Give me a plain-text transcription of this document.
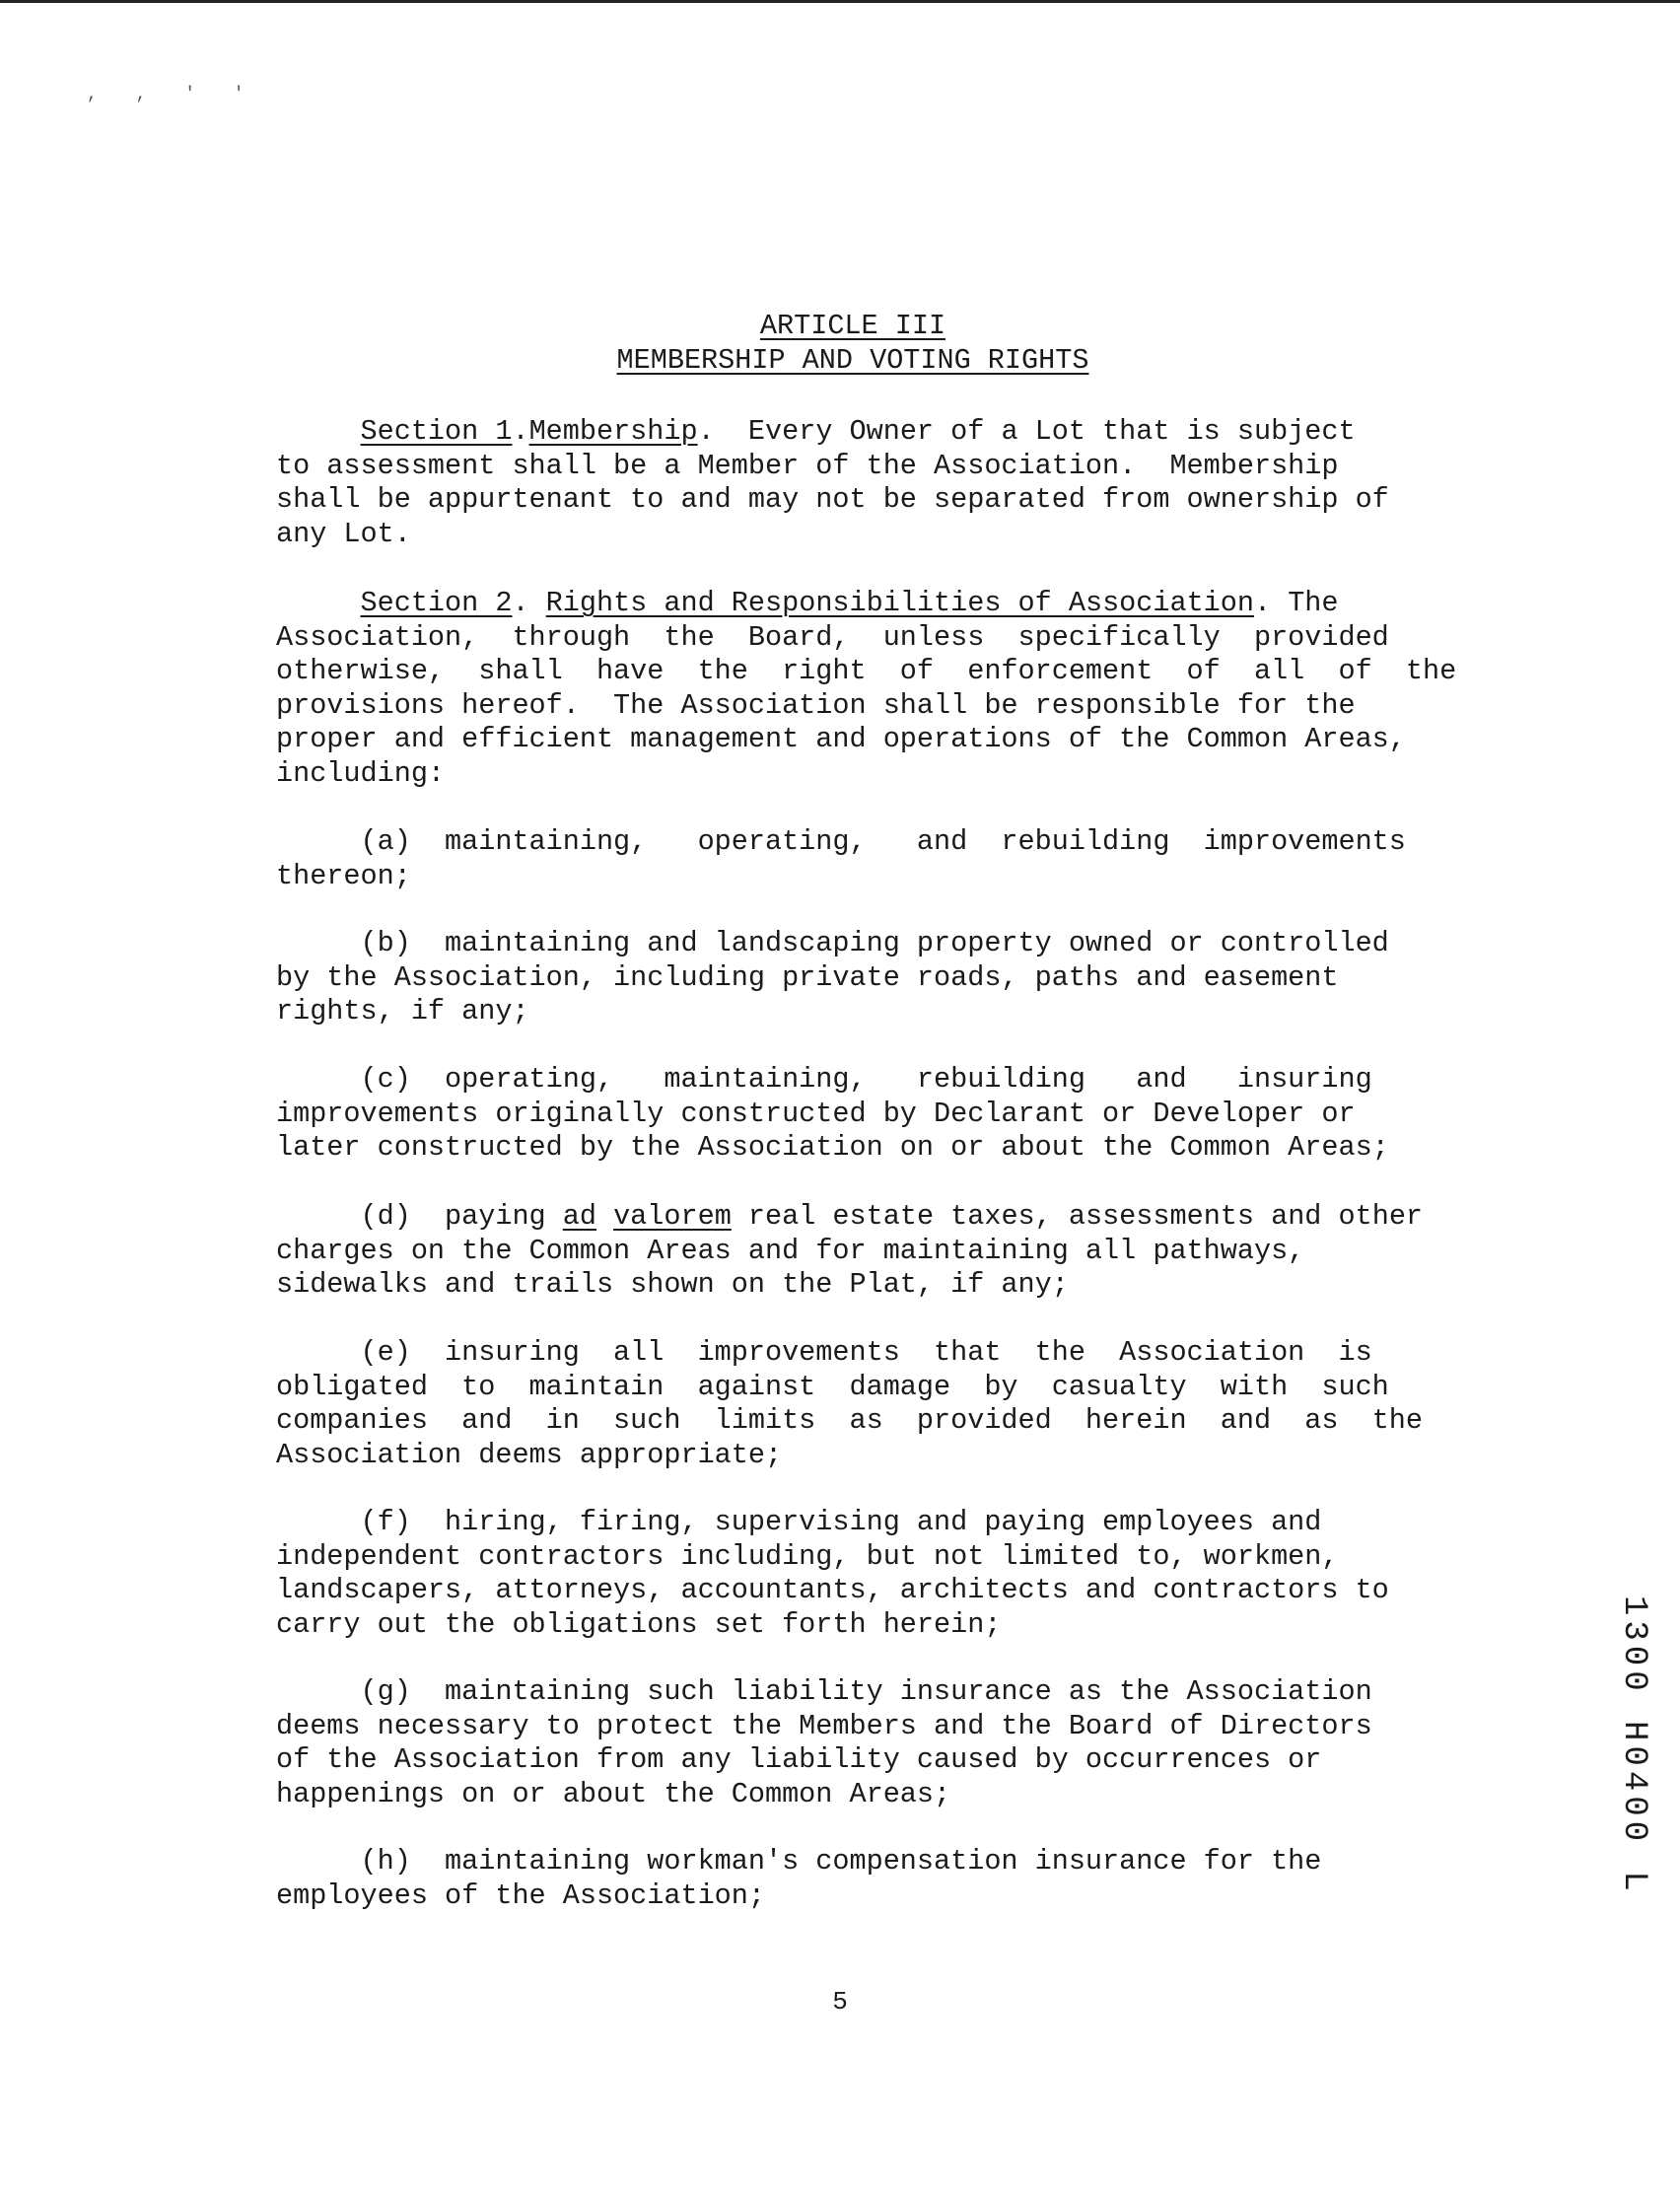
, , ' '
ARTICLE III
MEMBERSHIP AND VOTING RIGHTS
Section 1.Membership.  Every Owner of a Lot that is subject
to assessment shall be a Member of the Association.  Membership
shall be appurtenant to and may not be separated from ownership of
any Lot.
Section 2. Rights and Responsibilities of Association. The
Association,  through  the  Board,  unless  specifically  provided
otherwise,  shall  have  the  right  of  enforcement  of  all  of  the
provisions hereof.  The Association shall be responsible for the
proper and efficient management and operations of the Common Areas,
including:
(a)  maintaining,   operating,   and  rebuilding  improvements
thereon;
(b)  maintaining and landscaping property owned or controlled
by the Association, including private roads, paths and easement
rights, if any;
(c)  operating,   maintaining,   rebuilding   and   insuring
improvements originally constructed by Declarant or Developer or
later constructed by the Association on or about the Common Areas;
(d)  paying ad valorem real estate taxes, assessments and other
charges on the Common Areas and for maintaining all pathways,
sidewalks and trails shown on the Plat, if any;
(e)  insuring  all  improvements  that  the  Association  is
obligated  to  maintain  against  damage  by  casualty  with  such
companies  and  in  such  limits  as  provided  herein  and  as  the
Association deems appropriate;
(f)  hiring, firing, supervising and paying employees and
independent contractors including, but not limited to, workmen,
landscapers, attorneys, accountants, architects and contractors to
carry out the obligations set forth herein;
(g)  maintaining such liability insurance as the Association
deems necessary to protect the Members and the Board of Directors
of the Association from any liability caused by occurrences or
happenings on or about the Common Areas;
(h)  maintaining workman's compensation insurance for the
employees of the Association;
5
1300 H0400 L
